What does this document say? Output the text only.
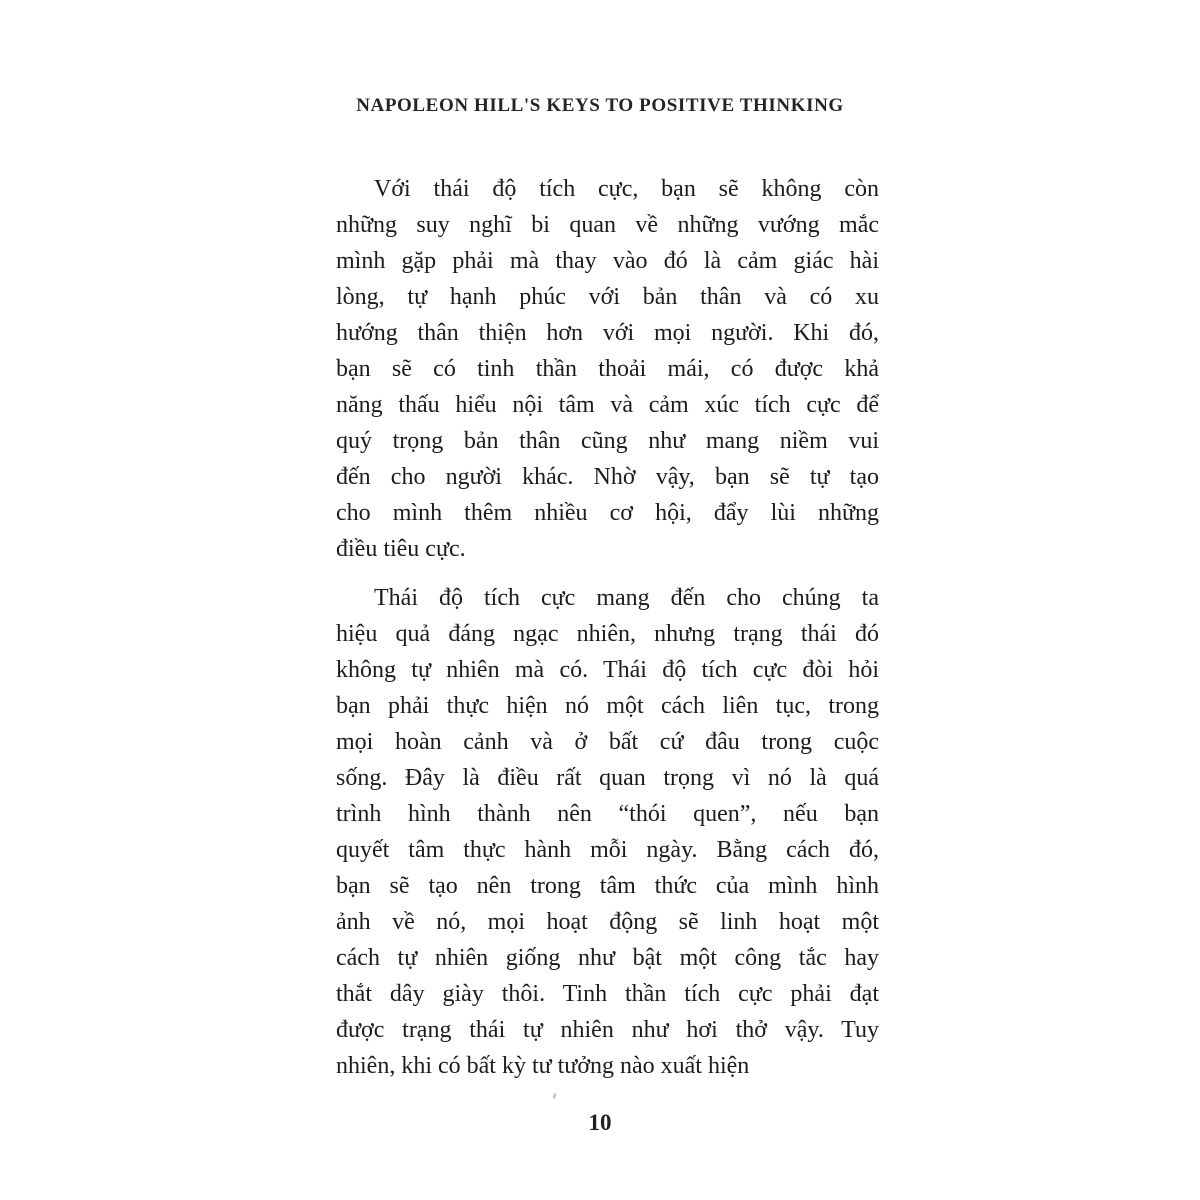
NAPOLEON HILL'S KEYS TO POSITIVE THINKING

Với thái độ tích cực, bạn sẽ không còn
những suy nghĩ bi quan về những vướng mắc
mình gặp phải mà thay vào đó là cảm giác hài
lòng, tự hạnh phúc với bản thân và có xu
hướng thân thiện hơn với mọi người. Khi đó,
bạn sẽ có tinh thần thoải mái, có được khả
năng thấu hiểu nội tâm và cảm xúc tích cực để
quý trọng bản thân cũng như mang niềm vui
đến cho người khác. Nhờ vậy, bạn sẽ tự tạo
cho mình thêm nhiều cơ hội, đẩy lùi những
điều tiêu cực.

Thái độ tích cực mang đến cho chúng ta
hiệu quả đáng ngạc nhiên, nhưng trạng thái đó
không tự nhiên mà có. Thái độ tích cực đòi hỏi
bạn phải thực hiện nó một cách liên tục, trong
mọi hoàn cảnh và ở bất cứ đâu trong cuộc
sống. Đây là điều rất quan trọng vì nó là quá
trình hình thành nên “thói quen”, nếu bạn
quyết tâm thực hành mỗi ngày. Bằng cách đó,
bạn sẽ tạo nên trong tâm thức của mình hình
ảnh về nó, mọi hoạt động sẽ linh hoạt một
cách tự nhiên giống như bật một công tắc hay
thắt dây giày thôi. Tinh thần tích cực phải đạt
được trạng thái tự nhiên như hơi thở vậy. Tuy
nhiên, khi có bất kỳ tư tưởng nào xuất hiện

10
